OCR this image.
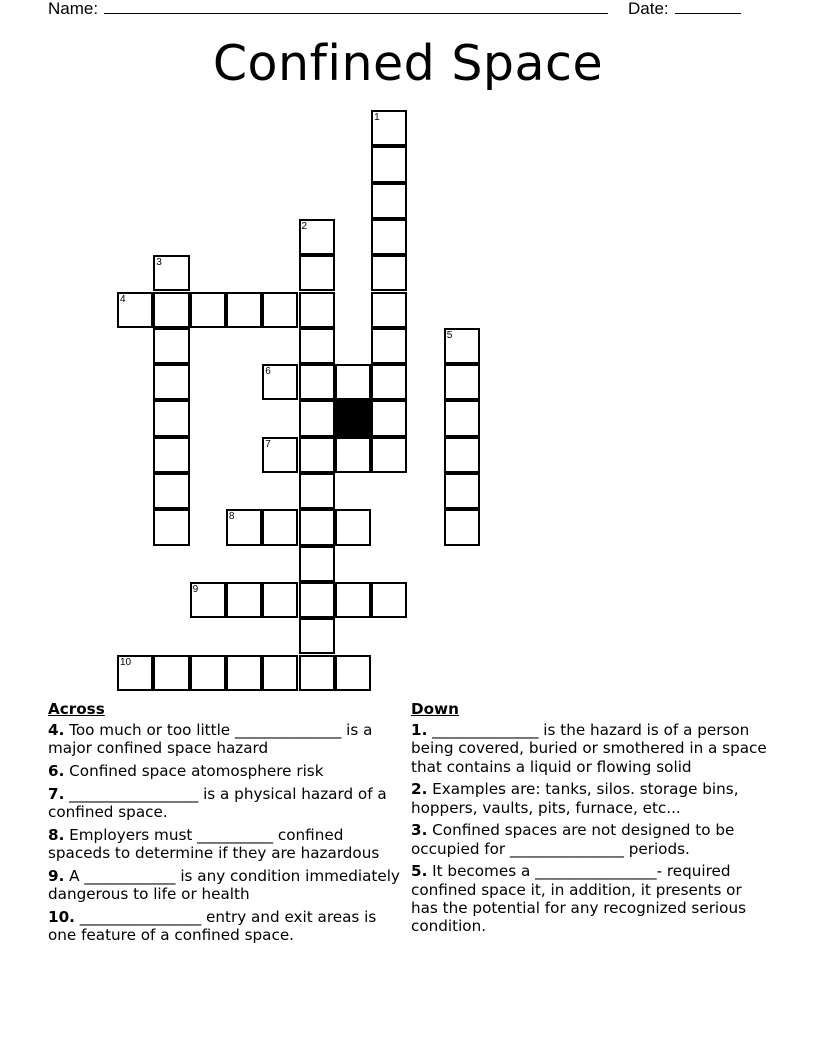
Name:	Date:
Confined Space
1
2
3
4
5
6
7
8
9
10
Across
4. Too much or too little ______________ is a major confined space hazard
6. Confined space atomosphere risk
7. _________________ is a physical hazard of a confined space.
8. Employers must __________ confined spaceds to determine if they are hazardous
9. A ____________ is any condition immediately dangerous to life or health
10. ________________ entry and exit areas is one feature of a confined space.
Down
1. ______________ is the hazard is of a person being covered, buried or smothered in a space that contains a liquid or flowing solid
2. Examples are: tanks, silos. storage bins, hoppers, vaults, pits, furnace, etc...
3. Confined spaces are not designed to be occupied for _______________ periods.
5. It becomes a ________________- required confined space it, in addition, it presents or has the potential for any recognized serious condition.
